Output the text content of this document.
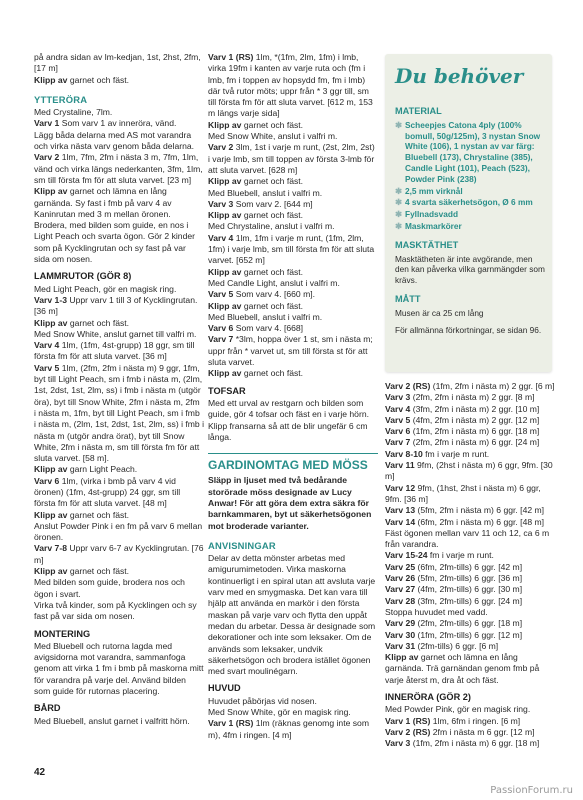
på andra sidan av lm-kedjan, 1st, 2hst, 2fm, [17 m]
Klipp av garnet och fäst.

YTTERÖRA
Med Crystaline, 7lm.
Varv 1 Som varv 1 av innerörа, vänd.
Lägg båda delarna med AS mot varandra och virka nästa varv genom båda delarna.
Varv 2 1lm, 7fm, 2fm i nästa 3 m, 7fm, 1lm, vänd och virka längs nederkanten, 3fm, 1lm, sm till första fm för att sluta varvet. [23 m]
Klipp av garnet och lämna en lång garnända. Sy fast i fmb på varv 4 av Kaninrutan med 3 m mellan öronen.
Brodera, med bilden som guide, en nos i Light Peach och svarta ögon. Gör 2 kinder som på Kycklingrutan och sy fast på var sida om nosen.
LAMMRUTOR (GÖR 8)
Med Light Peach, gör en magisk ring.
Varv 1-3 Uppr varv 1 till 3 of Kycklingrutan. [36 m]
Klipp av garnet och fäst.
Med Snow White, anslut garnet till valfri m.
Varv 4 1lm, (1fm, 4st-grupp) 18 ggr, sm till första fm för att sluta varvet. [36 m]
Varv 5 1lm, (2fm, 2fm i nästa m) 9 ggr, 1fm, byt till Light Peach, sm i fmb i nästa m, (2lm, 1st, 2dst, 1st, 2lm, ss) i fmb i nästa m (utgör öra), byt till Snow White, 2fm i nästa m, 2fm i nästa m, 1fm, byt till Light Peach, sm i fmb i nästa m, (2lm, 1st, 2dst, 1st, 2lm, ss) i fmb i nästa m (utgör andra örat), byt till Snow White, 2fm i nästa m, sm till första fm för att sluta varvet. [58 m].
Klipp av garn Light Peach.
Varv 6 1lm, (virka i bmb på varv 4 vid öronen) (1fm, 4st-grupp) 24 ggr, sm till första fm för att sluta varvet. [48 m]
Klipp av garnet och fäst.
Anslut Powder Pink i en fm på varv 6 mellan öronen.
Varv 7-8 Uppr varv 6-7 av Kycklingrutan. [76 m]
Klipp av garnet och fäst.
Med bilden som guide, brodera nos och ögon i svart.
Virka två kinder, som på Kycklingen och sy fast på var sida om nosen.
MONTERING

Med Bluebell och rutorna lagda med avigsidorna mot varandra, sammanfoga genom att virka 1 fm i bmb på maskorna mitt för varandra på varje del. Använd bilden som guide för rutornas placering.

BÅRD

Med Bluebell, anslut garnet i valfritt hörn.

Varv 1 (RS) 1lm, *(1fm, 2lm, 1fm) i lmb, virka 19fm i kanten av varje ruta och (fm i lmb, fm i toppen av hopsydd fm, fm i lmb) där två rutor möts; uppr från * 3 ggr till, sm till första fm för att sluta varvet. [612 m, 153 m längs varje sida]
Klipp av garnet och fäst.
Med Snow White, anslut i valfri m.
Varv 2 3lm, 1st i varje m runt, (2st, 2lm, 2st) i varje lmb, sm till toppen av första 3-lmb för att sluta varvet. [628 m]
Klipp av garnet och fäst.
Med Bluebell, anslut i valfri m.
Varv 3 Som varv 2. [644 m]
Klipp av garnet och fäst.
Med Chrystaline, anslut i valfri m.
Varv 4 1lm, 1fm i varje m runt, (1fm, 2lm, 1fm) i varje lmb, sm till första fm för att sluta varvet. [652 m]
Klipp av garnet och fäst.
Med Candle Light, anslut i valfri m.
Varv 5 Som varv 4. [660 m].
Klipp av garnet och fäst.
Med Bluebell, anslut i valfri m.
Varv 6 Som varv 4. [668]
Varv 7 *3lm, hoppa över 1 st, sm i nästa m; uppr från * varvet ut, sm till första st för att sluta varvet.
Klipp av garnet och fäst.
TOFSAR

Med ett urval av restgarn och bilden som guide, gör 4 tofsar och fäst en i varje hörn. Klipp fransarna så att de blir ungefär 6 cm långa.

GARDINOMTAG MED MÖSS

Släpp in ljuset med två bedårande storörade möss designade av Lucy Anwar! För att göra dem extra säkra för barnkammaren, byt ut säkerhetsögonen mot broderade varianter.

ANVISNINGAR

Delar av detta mönster arbetas med amigurumimetoden. Virka maskorna kontinuerligt i en spiral utan att avsluta varje varv med en smygmaska. Det kan vara till hjälp att använda en markör i den första maskan på varje varv och flytta den uppåt medan du arbetar. Dessa är designade som dekorationer och inte som leksaker. Om de används som leksaker, undvik säkerhetsögon och brodera istället ögonen med svart moulinégarn.

HUVUD
Huvudet påbörjas vid nosen.
Med Snow White, gör en magisk ring.
Varv 1 (RS) 1lm (räknas genomg inte som m), 4fm i ringen. [4 m]
Du behöver
MATERIAL
✱ Scheepjes Catona 4ply (100% bomull, 50g/125m), 3 nystan Snow White (106), 1 nystan av var färg: Bluebell (173), Chrystaline (385), Candle Light (101), Peach (523), Powder Pink (238)
✱ 2,5 mm virknål
✱ 4 svarta säkerhetsögon, Ø 6 mm
✱ Fyllnadsvadd
✱ Maskmarkörer
MASKTÄTHET

Masktätheten är inte avgörande, men den kan påverka vilka garnmängder som krävs.

MÅTT

Musen är ca 25 cm lång

För allmänna förkortningar, se sidan 96.

Varv 2 (RS) (1fm, 2fm i nästa m) 2 ggr. [6 m]
Varv 3 (2fm, 2fm i nästa m) 2 ggr. [8 m]
Varv 4 (3fm, 2fm i nästa m) 2 ggr. [10 m]
Varv 5 (4fm, 2fm i nästa m) 2 ggr. [12 m]
Varv 6 (1fm, 2fm i nästa m) 6 ggr. [18 m]
Varv 7 (2fm, 2fm i nästa m) 6 ggr. [24 m]
Varv 8-10 fm i varje m runt.
Varv 11 9fm, (2hst i nästa m) 6 ggr, 9fm. [30 m]
Varv 12 9fm, (1hst, 2hst i nästa m) 6 ggr, 9fm. [36 m]
Varv 13 (5fm, 2fm i nästa m) 6 ggr. [42 m]
Varv 14 (6fm, 2fm i nästa m) 6 ggr. [48 m]
Fäst ögonen mellan varv 11 och 12, ca 6 m från varandra.
Varv 15-24 fm i varje m runt.
Varv 25 (6fm, 2fm-tills) 6 ggr. [42 m]
Varv 26 (5fm, 2fm-tills) 6 ggr. [36 m]
Varv 27 (4fm, 2fm-tills) 6 ggr. [30 m]
Varv 28 (3fm, 2fm-tills) 6 ggr. [24 m]
Stoppa huvudet med vadd.
Varv 29 (2fm, 2fm-tills) 6 ggr. [18 m]
Varv 30 (1fm, 2fm-tills) 6 ggr. [12 m]
Varv 31 (2fm-tills) 6 ggr. [6 m]
Klipp av garnet och lämna en lång garnända. Trä garnändan genom fmb på varje återst m, dra åt och fäst.
INNERÖRA (GÖR 2)
Med Powder Pink, gör en magisk ring.
Varv 1 (RS) 1lm, 6fm i ringen. [6 m]
Varv 2 (RS) 2fm i nästa m 6 ggr. [12 m]
Varv 3 (1fm, 2fm i nästa m) 6 ggr. [18 m]
42
PassionForum.ru
